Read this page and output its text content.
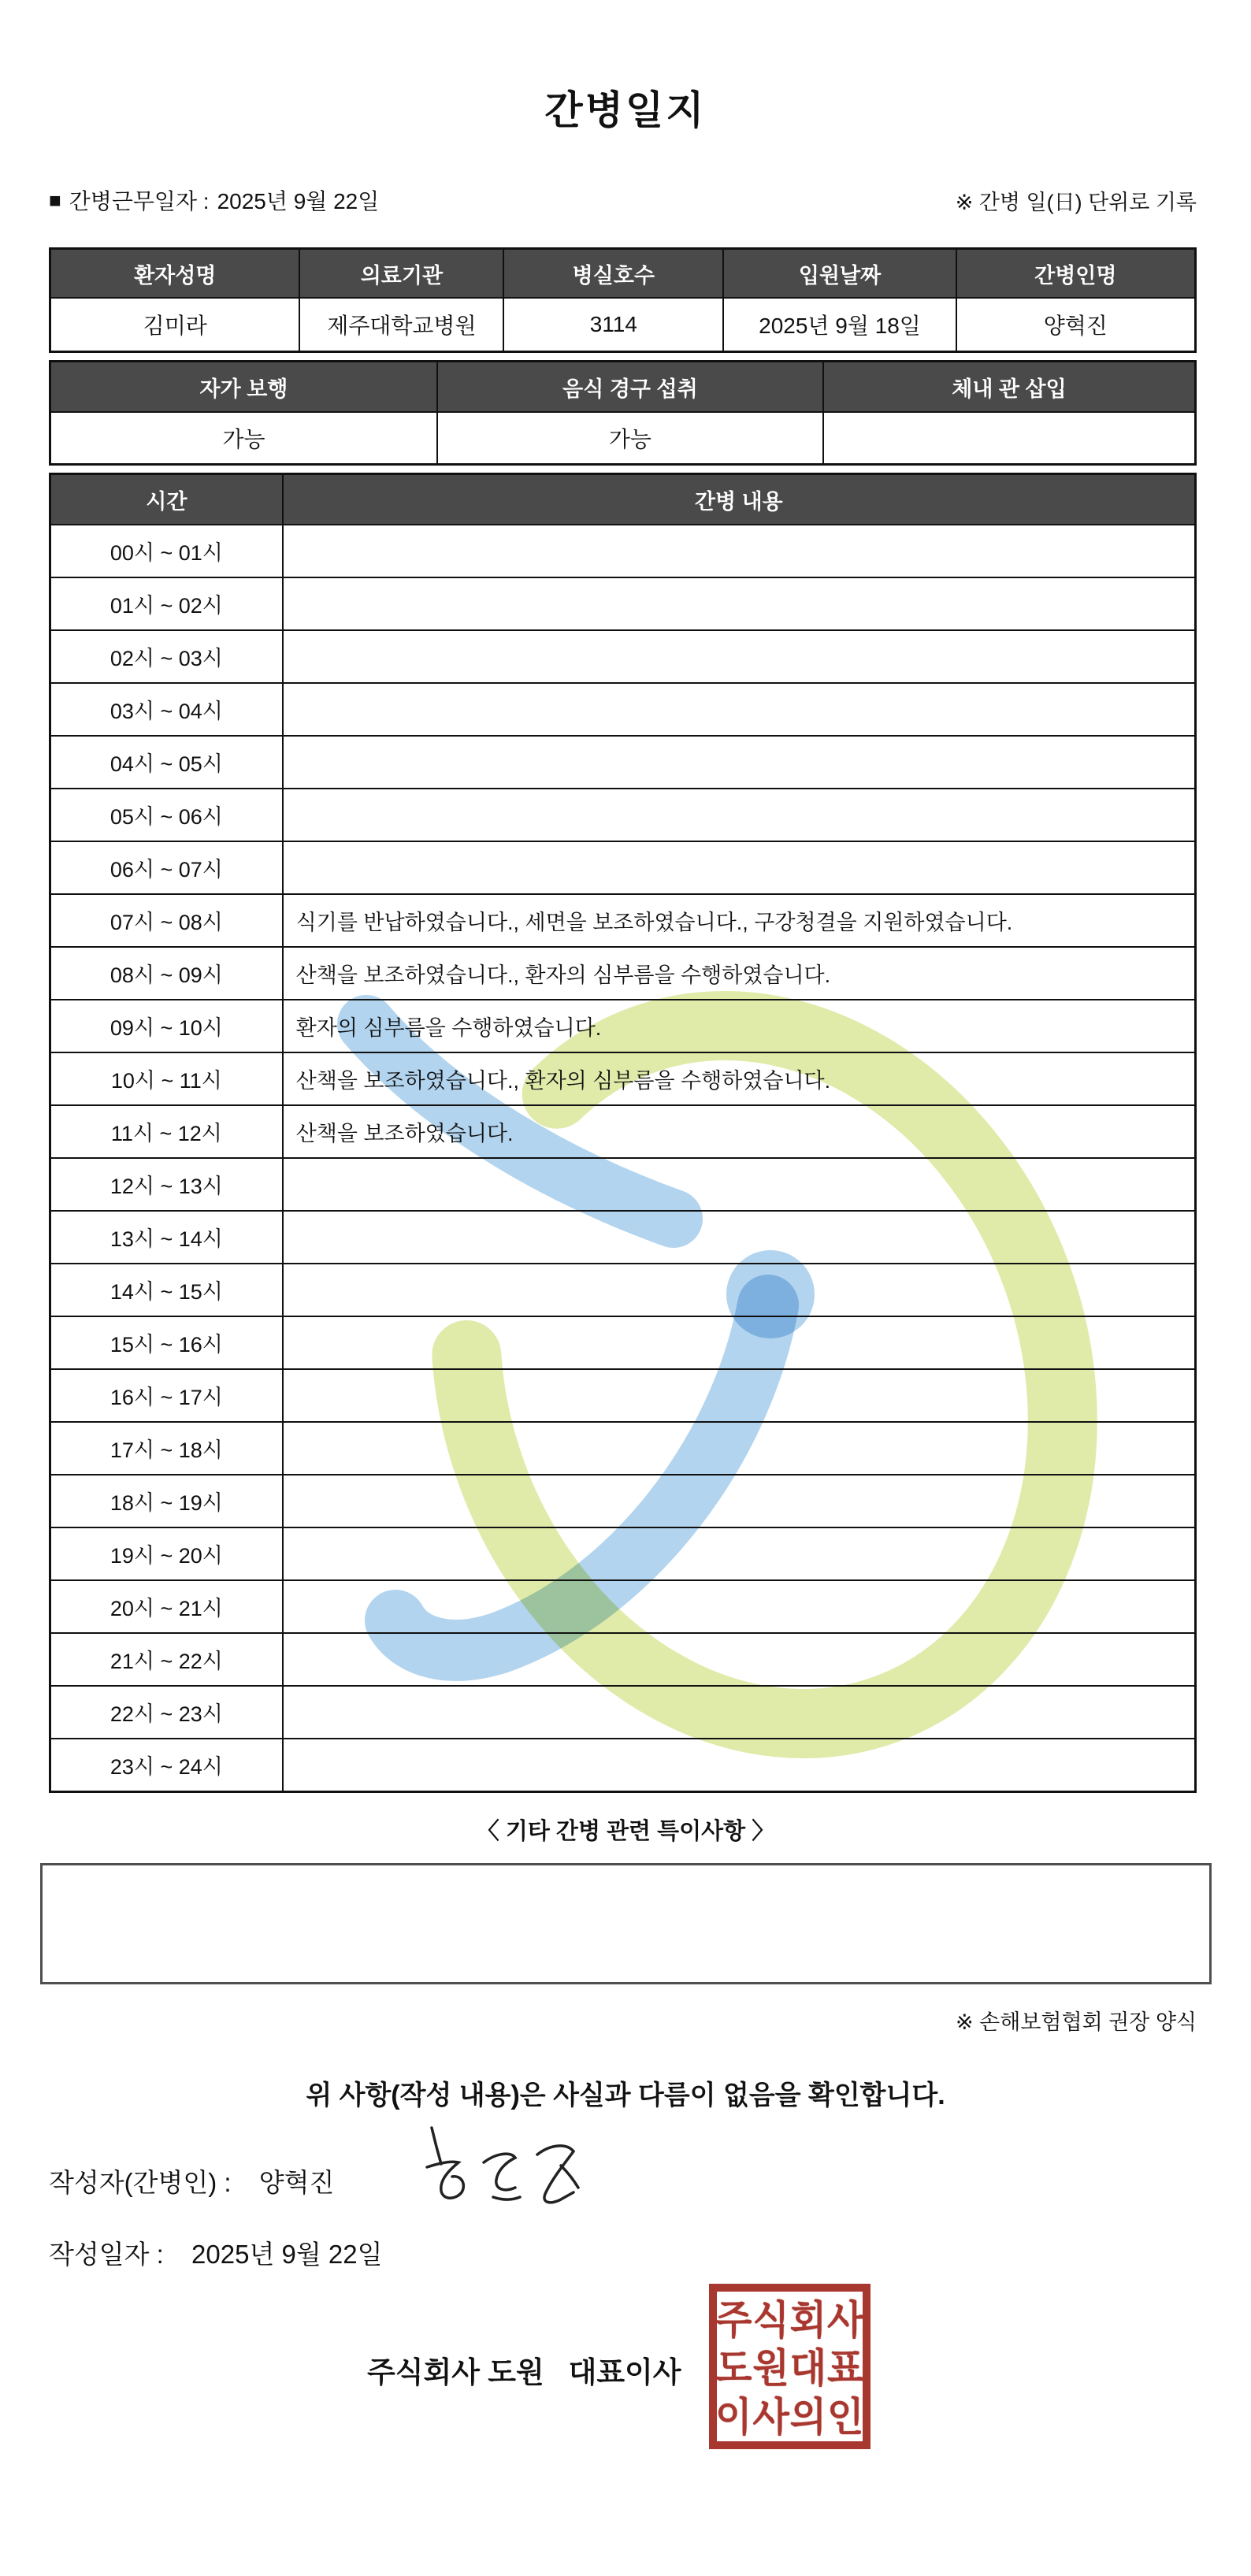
간병일지
■ 간병근무일자 : 2025년 9월 22일	※ 간병 일(日) 단위로 기록
환자성명	의료기관	병실호수	입원날짜	간병인명
김미라	제주대학교병원	3114	2025년 9월 18일	양혁진
자가 보행	음식 경구 섭취	체내 관 삽입
가능	가능	
시간	간병 내용
00시 ~ 01시	
01시 ~ 02시	
02시 ~ 03시	
03시 ~ 04시	
04시 ~ 05시	
05시 ~ 06시	
06시 ~ 07시	
07시 ~ 08시	식기를 반납하였습니다., 세면을 보조하였습니다., 구강청결을 지원하였습니다.
08시 ~ 09시	산책을 보조하였습니다., 환자의 심부름을 수행하였습니다.
09시 ~ 10시	환자의 심부름을 수행하였습니다.
10시 ~ 11시	산책을 보조하였습니다., 환자의 심부름을 수행하였습니다.
11시 ~ 12시	산책을 보조하였습니다.
12시 ~ 13시	
13시 ~ 14시	
14시 ~ 15시	
15시 ~ 16시	
16시 ~ 17시	
17시 ~ 18시	
18시 ~ 19시	
19시 ~ 20시	
20시 ~ 21시	
21시 ~ 22시	
22시 ~ 23시	
23시 ~ 24시	
〈 기타 간병 관련 특이사항 〉
※ 손해보험협회 권장 양식
위 사항(작성 내용)은 사실과 다름이 없음을 확인합니다.
작성자(간병인) : 양혁진
작성일자 : 2025년 9월 22일
주식회사 도원   대표이사
주식회사
도원대표
이사의인
